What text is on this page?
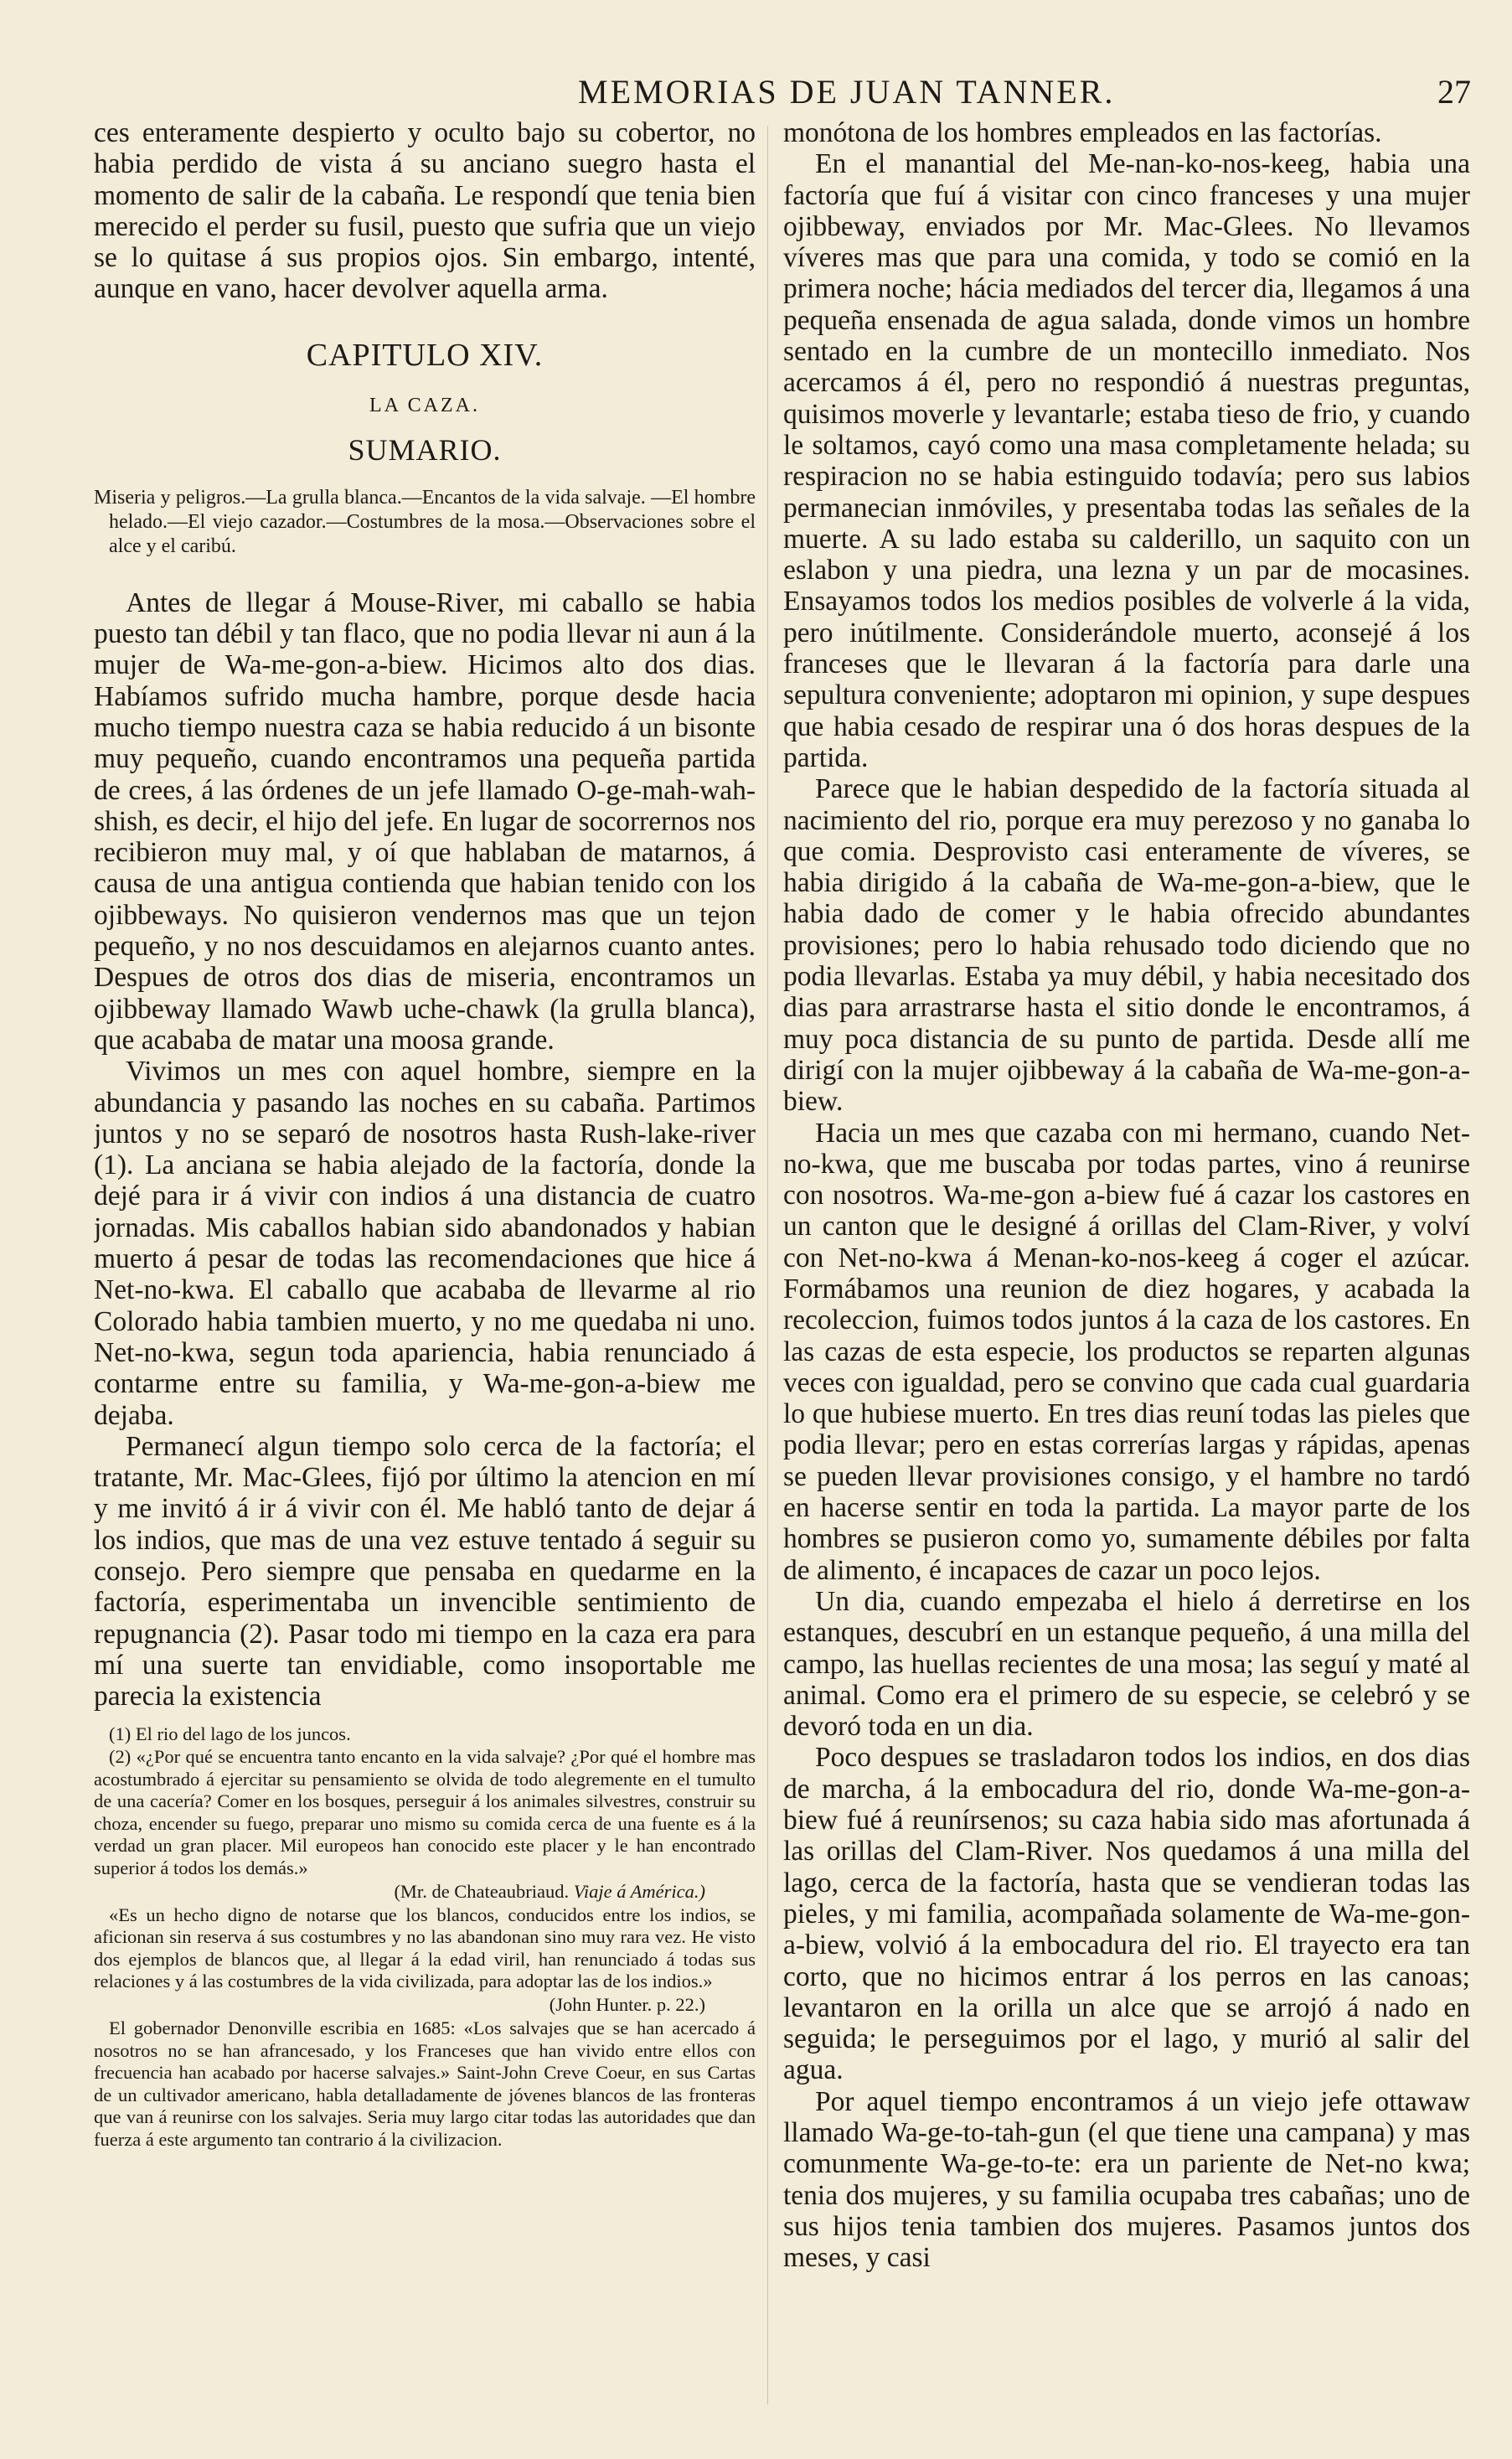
MEMORIAS DE JUAN TANNER.	27

ces enteramente despierto y oculto bajo su cobertor, no habia perdido de vista á su anciano suegro hasta el momento de salir de la cabaña. Le respondí que tenia bien merecido el perder su fusil, puesto que sufria que un viejo se lo quitase á sus propios ojos. Sin embargo, intenté, aunque en vano, hacer devolver aquella arma.

CAPITULO XIV.
LA CAZA.
SUMARIO.
Miseria y peligros.—La grulla blanca.—Encantos de la vida salvaje. —El hombre helado.—El viejo cazador.—Costumbres de la mosa.—Observaciones sobre el alce y el caribú.

Antes de llegar á Mouse-River, mi caballo se habia puesto tan débil y tan flaco, que no podia llevar ni aun á la mujer de Wa-me-gon-a-biew. Hicimos alto dos dias. Habíamos sufrido mucha hambre, porque desde hacia mucho tiempo nuestra caza se habia reducido á un bisonte muy pequeño, cuando encontramos una pequeña partida de crees, á las órdenes de un jefe llamado O-ge-mah-wah-shish, es decir, el hijo del jefe. En lugar de socorrernos nos recibieron muy mal, y oí que hablaban de matarnos, á causa de una antigua contienda que habian tenido con los ojibbeways. No quisieron vendernos mas que un tejon pequeño, y no nos descuidamos en alejarnos cuanto antes. Despues de otros dos dias de miseria, encontramos un ojibbeway llamado Wawb uche-chawk (la grulla blanca), que acababa de matar una moosa grande.

Vivimos un mes con aquel hombre, siempre en la abundancia y pasando las noches en su cabaña. Partimos juntos y no se separó de nosotros hasta Rush-lake-river (1). La anciana se habia alejado de la factoría, donde la dejé para ir á vivir con indios á una distancia de cuatro jornadas. Mis caballos habian sido abandonados y habian muerto á pesar de todas las recomendaciones que hice á Net-no-kwa. El caballo que acababa de llevarme al rio Colorado habia tambien muerto, y no me quedaba ni uno. Net-no-kwa, segun toda apariencia, habia renunciado á contarme entre su familia, y Wa-me-gon-a-biew me dejaba.

Permanecí algun tiempo solo cerca de la factoría; el tratante, Mr. Mac-Glees, fijó por último la atencion en mí y me invitó á ir á vivir con él. Me habló tanto de dejar á los indios, que mas de una vez estuve tentado á seguir su consejo. Pero siempre que pensaba en quedarme en la factoría, esperimentaba un invencible sentimiento de repugnancia (2). Pasar todo mi tiempo en la caza era para mí una suerte tan envidiable, como insoportable me parecia la existencia

(1) El rio del lago de los juncos.

(2) «¿Por qué se encuentra tanto encanto en la vida salvaje? ¿Por qué el hombre mas acostumbrado á ejercitar su pensamiento se olvida de todo alegremente en el tumulto de una cacería? Comer en los bosques, perseguir á los animales silvestres, construir su choza, encender su fuego, preparar uno mismo su comida cerca de una fuente es á la verdad un gran placer. Mil europeos han conocido este placer y le han encontrado superior á todos los demás.»

(Mr. de Chateaubriaud. Viaje á América.)

«Es un hecho digno de notarse que los blancos, conducidos entre los indios, se aficionan sin reserva á sus costumbres y no las abandonan sino muy rara vez. He visto dos ejemplos de blancos que, al llegar á la edad viril, han renunciado á todas sus relaciones y á las costumbres de la vida civilizada, para adoptar las de los indios.»

(John Hunter. p. 22.)

El gobernador Denonville escribia en 1685: «Los salvajes que se han acercado á nosotros no se han afrancesado, y los Franceses que han vivido entre ellos con frecuencia han acabado por hacerse salvajes.» Saint-John Creve Coeur, en sus Cartas de un cultivador americano, habla detalladamente de jóvenes blancos de las fronteras que van á reunirse con los salvajes. Seria muy largo citar todas las autoridades que dan fuerza á este argumento tan contrario á la civilizacion.

monótona de los hombres empleados en las factorías.

En el manantial del Me-nan-ko-nos-keeg, habia una factoría que fuí á visitar con cinco franceses y una mujer ojibbeway, enviados por Mr. Mac-Glees. No llevamos víveres mas que para una comida, y todo se comió en la primera noche; hácia mediados del tercer dia, llegamos á una pequeña ensenada de agua salada, donde vimos un hombre sentado en la cumbre de un montecillo inmediato. Nos acercamos á él, pero no respondió á nuestras preguntas, quisimos moverle y levantarle; estaba tieso de frio, y cuando le soltamos, cayó como una masa completamente helada; su respiracion no se habia estinguido todavía; pero sus labios permanecian inmóviles, y presentaba todas las señales de la muerte. A su lado estaba su calderillo, un saquito con un eslabon y una piedra, una lezna y un par de mocasines. Ensayamos todos los medios posibles de volverle á la vida, pero inútilmente. Considerándole muerto, aconsejé á los franceses que le llevaran á la factoría para darle una sepultura conveniente; adoptaron mi opinion, y supe despues que habia cesado de respirar una ó dos horas despues de la partida.

Parece que le habian despedido de la factoría situada al nacimiento del rio, porque era muy perezoso y no ganaba lo que comia. Desprovisto casi enteramente de víveres, se habia dirigido á la cabaña de Wa-me-gon-a-biew, que le habia dado de comer y le habia ofrecido abundantes provisiones; pero lo habia rehusado todo diciendo que no podia llevarlas. Estaba ya muy débil, y habia necesitado dos dias para arrastrarse hasta el sitio donde le encontramos, á muy poca distancia de su punto de partida. Desde allí me dirigí con la mujer ojibbeway á la cabaña de Wa-me-gon-a-biew.

Hacia un mes que cazaba con mi hermano, cuando Net-no-kwa, que me buscaba por todas partes, vino á reunirse con nosotros. Wa-me-gon a-biew fué á cazar los castores en un canton que le designé á orillas del Clam-River, y volví con Net-no-kwa á Menan-ko-nos-keeg á coger el azúcar. Formábamos una reunion de diez hogares, y acabada la recoleccion, fuimos todos juntos á la caza de los castores. En las cazas de esta especie, los productos se reparten algunas veces con igualdad, pero se convino que cada cual guardaria lo que hubiese muerto. En tres dias reuní todas las pieles que podia llevar; pero en estas correrías largas y rápidas, apenas se pueden llevar provisiones consigo, y el hambre no tardó en hacerse sentir en toda la partida. La mayor parte de los hombres se pusieron como yo, sumamente débiles por falta de alimento, é incapaces de cazar un poco lejos.

Un dia, cuando empezaba el hielo á derretirse en los estanques, descubrí en un estanque pequeño, á una milla del campo, las huellas recientes de una mosa; las seguí y maté al animal. Como era el primero de su especie, se celebró y se devoró toda en un dia.

Poco despues se trasladaron todos los indios, en dos dias de marcha, á la embocadura del rio, donde Wa-me-gon-a-biew fué á reunírsenos; su caza habia sido mas afortunada á las orillas del Clam-River. Nos quedamos á una milla del lago, cerca de la factoría, hasta que se vendieran todas las pieles, y mi familia, acompañada solamente de Wa-me-gon-a-biew, volvió á la embocadura del rio. El trayecto era tan corto, que no hicimos entrar á los perros en las canoas; levantaron en la orilla un alce que se arrojó á nado en seguida; le perseguimos por el lago, y murió al salir del agua.

Por aquel tiempo encontramos á un viejo jefe ottawaw llamado Wa-ge-to-tah-gun (el que tiene una campana) y mas comunmente Wa-ge-to-te: era un pariente de Net-no kwa; tenia dos mujeres, y su familia ocupaba tres cabañas; uno de sus hijos tenia tambien dos mujeres. Pasamos juntos dos meses, y casi
